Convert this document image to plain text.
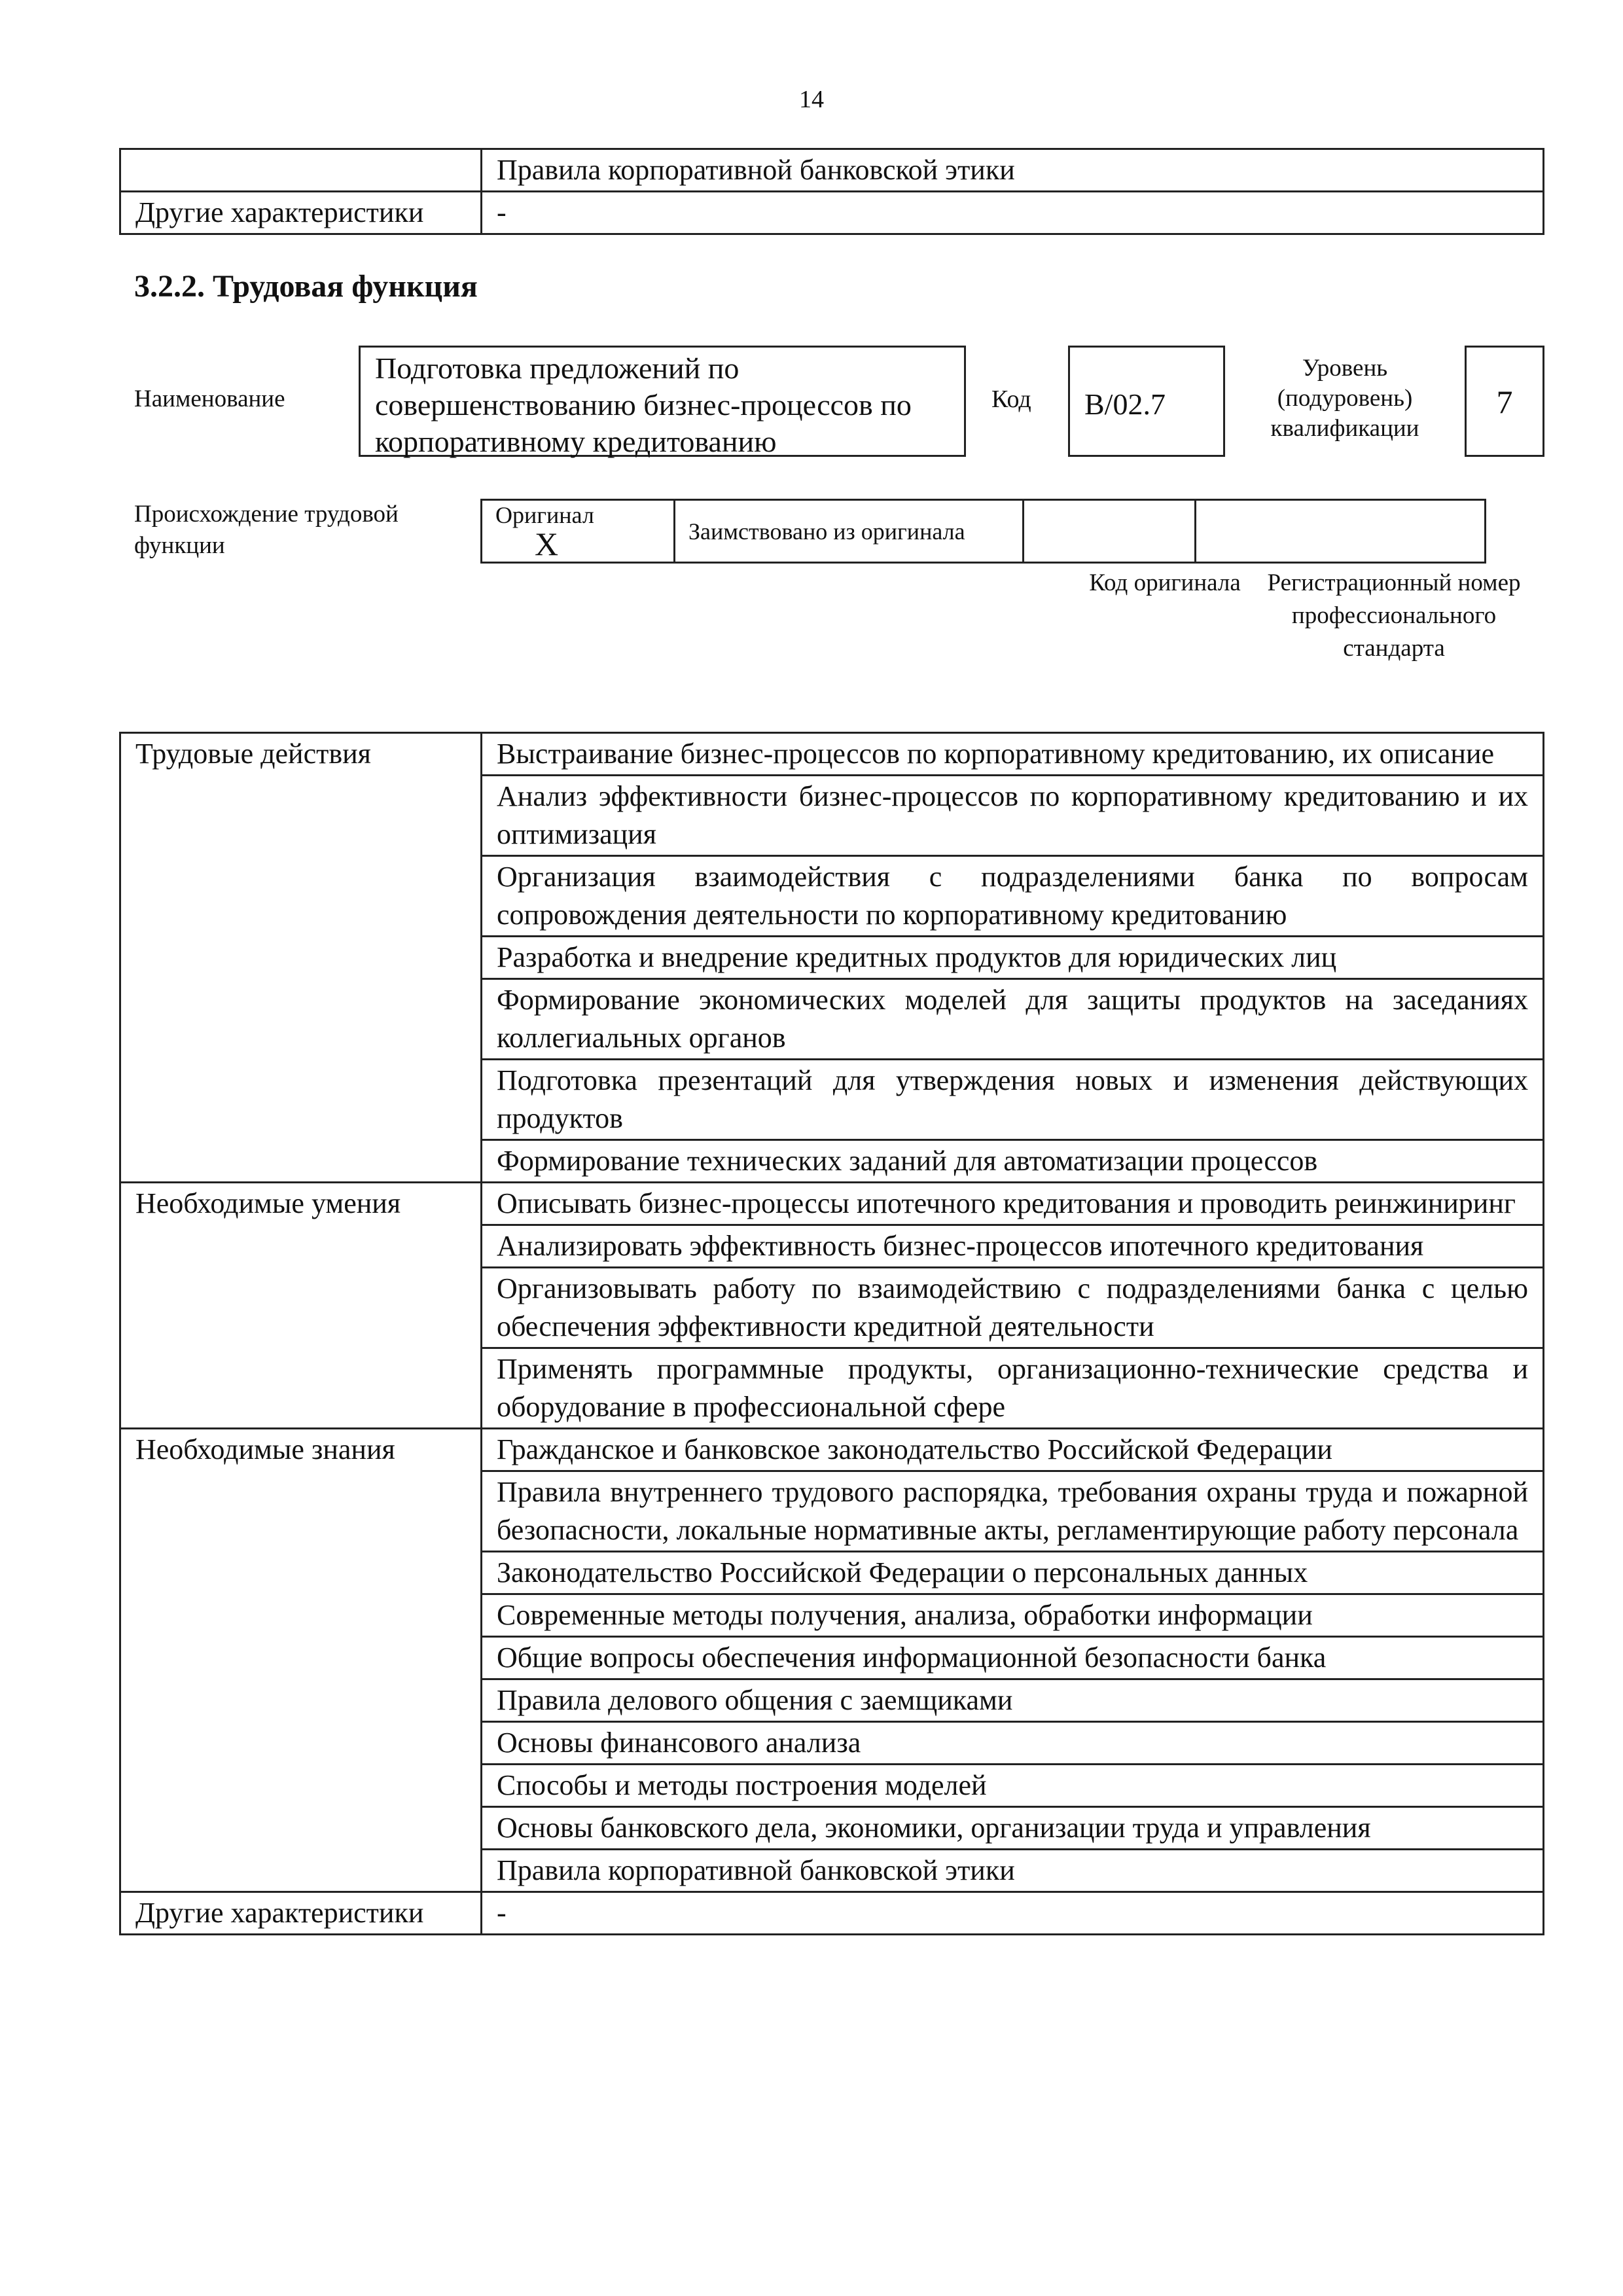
14
	Правила корпоративной банковской этики
Другие характеристики	-
3.2.2. Трудовая функция
Наименование
Подготовка предложений по совершенствованию бизнес-процессов по корпоративному кредитованию
Код	B/02.7
Уровень (подуровень) квалификации
7
Происхождение трудовой функции
Оригинал X	Заимствовано из оригинала		
Код оригинала	Регистрационный номер профессионального стандарта
Трудовые действия	Выстраивание бизнес-процессов по корпоративному кредитованию, их описание
	Анализ эффективности бизнес-процессов по корпоративному кредитованию и их оптимизация
	Организация взаимодействия с подразделениями банка по вопросам сопровождения деятельности по корпоративному кредитованию
	Разработка и внедрение кредитных продуктов для юридических лиц
	Формирование экономических моделей для защиты продуктов на заседаниях коллегиальных органов
	Подготовка презентаций для утверждения новых и изменения действующих продуктов
	Формирование технических заданий для автоматизации процессов
Необходимые умения	Описывать бизнес-процессы ипотечного кредитования и проводить реинжиниринг
	Анализировать эффективность бизнес-процессов ипотечного кредитования
	Организовывать работу по взаимодействию с подразделениями банка с целью обеспечения эффективности кредитной деятельности
	Применять программные продукты, организационно-технические средства и оборудование в профессиональной сфере
Необходимые знания	Гражданское и банковское законодательство Российской Федерации
	Правила внутреннего трудового распорядка, требования охраны труда и пожарной безопасности, локальные нормативные акты, регламентирующие работу персонала
	Законодательство Российской Федерации о персональных данных
	Современные методы получения, анализа, обработки информации
	Общие вопросы обеспечения информационной безопасности банка
	Правила делового общения с заемщиками
	Основы финансового анализа
	Способы и методы построения моделей
	Основы банковского дела, экономики, организации труда и управления
	Правила корпоративной банковской этики
Другие характеристики	-
